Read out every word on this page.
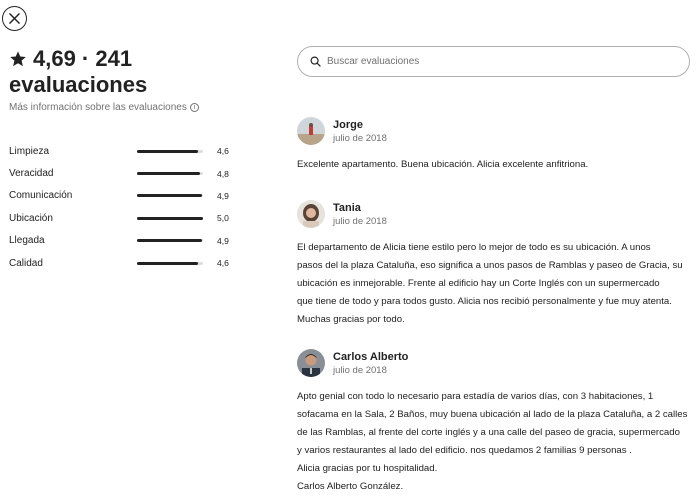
4,69 · 241
evaluaciones
Más información sobre las evaluaciones i
Limpieza	4,6
Veracidad	4,8
Comunicación	4,9
Ubicación	5,0
Llegada	4,9
Calidad	4,6
Buscar evaluaciones
Jorge
julio de 2018
Excelente apartamento. Buena ubicación. Alicia excelente anfitriona.
Tania
julio de 2018
El departamento de Alicia tiene estilo pero lo mejor de todo es su ubicación. A unos
pasos del la plaza Cataluña, eso significa a unos pasos de Ramblas y paseo de Gracia, su
ubicación es inmejorable. Frente al edificio hay un Corte Inglés con un supermercado
que tiene de todo y para todos gusto. Alicia nos recibió personalmente y fue muy atenta.
Muchas gracias por todo.
Carlos Alberto
julio de 2018
Apto genial con todo lo necesario para estadía de varios días, con 3 habitaciones, 1
sofacama en la Sala, 2 Baños, muy buena ubicación al lado de la plaza Cataluña, a 2 calles
de las Ramblas, al frente del corte inglés y a una calle del paseo de gracia, supermercado
y varios restaurantes al lado del edificio. nos quedamos 2 familias 9 personas .
Alicia gracias por tu hospitalidad.
Carlos Alberto González.
